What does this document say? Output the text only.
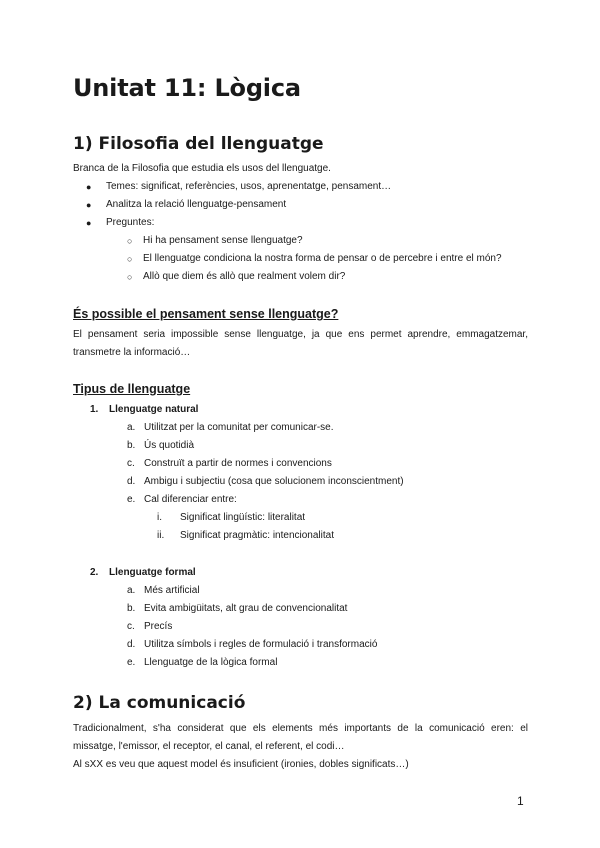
Unitat 11: Lògica
1) Filosofia del llenguatge

Branca de la Filosofia que estudia els usos del llenguatge.

● Temes: significat, referències, usos, aprenentatge, pensament…
● Analitza la relació llenguatge-pensament
● Preguntes:
○ Hi ha pensament sense llenguatge?
○ El llenguatge condiciona la nostra forma de pensar o de percebre i entre el món?
○ Allò que diem és allò que realment volem dir?

És possible el pensament sense llenguatge?

El pensament seria impossible sense llenguatge, ja que ens permet aprendre, emmagatzemar,

transmetre la informació…

Tipus de llenguatge

1. Llenguatge natural
a. Utilitzat per la comunitat per comunicar-se.
b. Ús quotidià
c. Construït a partir de normes i convencions
d. Ambigu i subjectiu (cosa que solucionem inconscientment)
e. Cal diferenciar entre:
i. Significat lingüístic: literalitat
ii. Significat pragmàtic: intencionalitat
2. Llenguatge formal
a. Més artificial
b. Evita ambigüitats, alt grau de convencionalitat
c. Precís
d. Utilitza símbols i regles de formulació i transformació
e. Llenguatge de la lògica formal
2) La comunicació

Tradicionalment, s'ha considerat que els elements més importants de la comunicació eren: el

missatge, l'emissor, el receptor, el canal, el referent, el codi…

Al sXX es veu que aquest model és insuficient (ironies, dobles significats…)

1
